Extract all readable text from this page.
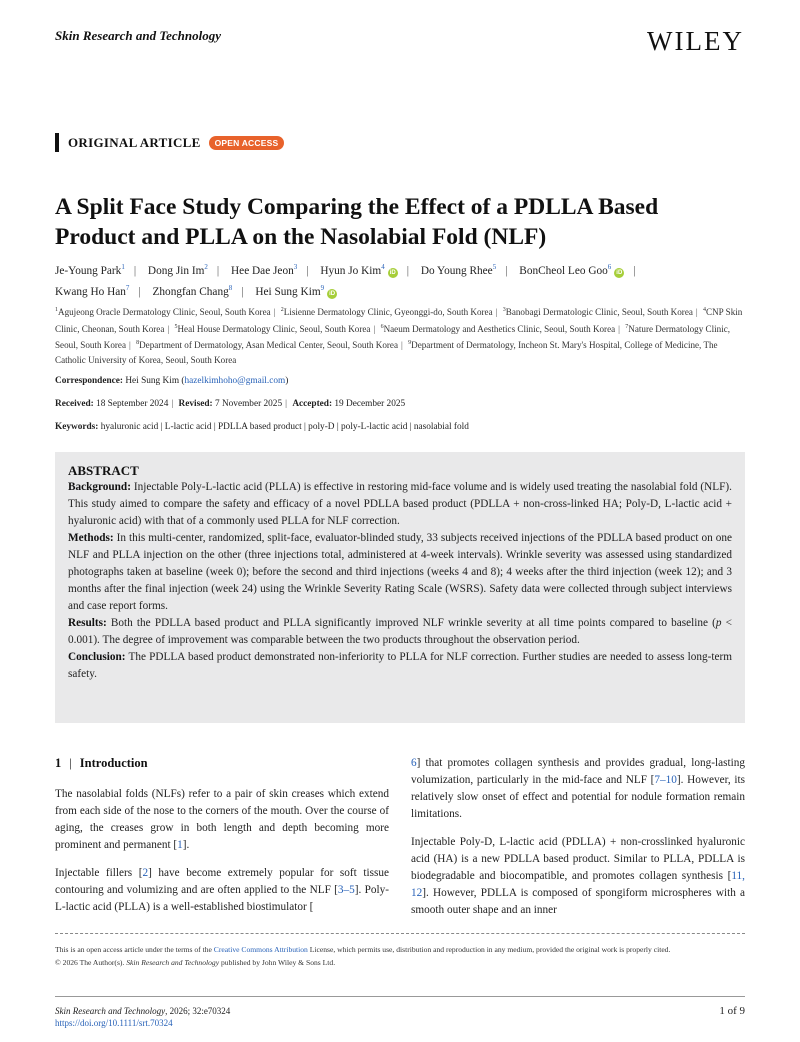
Skin Research and Technology	WILEY
ORIGINAL ARTICLE	OPEN ACCESS
A Split Face Study Comparing the Effect of a PDLLA Based
Product and PLLA on the Nasolabial Fold (NLF)
Je-Young Park$^1$ | Dong Jin Im$^2$ | Hee Dae Jeon$^3$ | Hyun Jo Kim$^4$iD | Do Young Rhee$^5$ | BonCheol Leo Goo$^6$iD |
Kwang Ho Han$^7$ | Zhongfan Chang$^8$ | Hei Sung Kim$^9$iD
$^1$Agujeong Oracle Dermatology Clinic, Seoul, South Korea | $^2$Lisienne Dermatology Clinic, Gyeonggi-do, South Korea | $^3$Banobagi Dermatologic Clinic, Seoul, South Korea | $^4$CNP Skin Clinic, Cheonan, South Korea | $^5$Heal House Dermatology Clinic, Seoul, South Korea | $^6$Naeum Dermatology and Aesthetics Clinic, Seoul, South Korea | $^7$Nature Dermatology Clinic, Seoul, South Korea | $^8$Department of Dermatology, Asan Medical Center, Seoul, South Korea | $^9$Department of Dermatology, Incheon St. Mary's Hospital, College of Medicine, The Catholic University of Korea, Seoul, South Korea
Correspondence: Hei Sung Kim (hazelkimhoho@gmail.com)
Received: 18 September 2024 | Revised: 7 November 2025 | Accepted: 19 December 2025
Keywords: hyaluronic acid | L-lactic acid | PDLLA based product | poly-D | poly-L-lactic acid | nasolabial fold
ABSTRACT

Background: Injectable Poly-L-lactic acid (PLLA) is effective in restoring mid-face volume and is widely used treating the nasolabial fold (NLF). This study aimed to compare the safety and efficacy of a novel PDLLA based product (PDLLA + non-cross-linked HA; Poly-D, L-lactic acid + hyaluronic acid) with that of a commonly used PLLA for NLF correction.

Methods: In this multi-center, randomized, split-face, evaluator-blinded study, 33 subjects received injections of the PDLLA based product on one NLF and PLLA injection on the other (three injections total, administered at 4-week intervals). Wrinkle severity was assessed using standardized photographs taken at baseline (week 0); before the second and third injections (weeks 4 and 8); 4 weeks after the third injection (week 12); and 3 months after the final injection (week 24) using the Wrinkle Severity Rating Scale (WSRS). Safety data were collected through subject interviews and case report forms.

Results: Both the PDLLA based product and PLLA significantly improved NLF wrinkle severity at all time points compared to baseline (p < 0.001). The degree of improvement was comparable between the two products throughout the observation period.

Conclusion: The PDLLA based product demonstrated non-inferiority to PLLA for NLF correction. Further studies are needed to assess long-term safety.

1 | Introduction

The nasolabial folds (NLFs) refer to a pair of skin creases which extend from each side of the nose to the corners of the mouth. Over the course of aging, the creases grow in both length and depth becoming more prominent and permanent [1].

Injectable fillers [2] have become extremely popular for soft tissue contouring and volumizing and are often applied to the NLF [3–5]. Poly-L-lactic acid (PLLA) is a well-established biostimulator [

6] that promotes collagen synthesis and provides gradual, long-lasting volumization, particularly in the mid-face and NLF [7–10]. However, its relatively slow onset of effect and potential for nodule formation remain limitations.

Injectable Poly-D, L-lactic acid (PDLLA) + non-crosslinked hyaluronic acid (HA) is a new PDLLA based product. Similar to PLLA, PDLLA is biodegradable and biocompatible, and promotes collagen synthesis [11, 12]. However, PDLLA is composed of spongiform microspheres with a smooth outer shape and an inner

This is an open access article under the terms of the Creative Commons Attribution License, which permits use, distribution and reproduction in any medium, provided the original work is properly cited.
© 2026 The Author(s). Skin Research and Technology published by John Wiley & Sons Ltd.
Skin Research and Technology, 2026; 32:e70324
https://doi.org/10.1111/srt.70324
1 of 9
